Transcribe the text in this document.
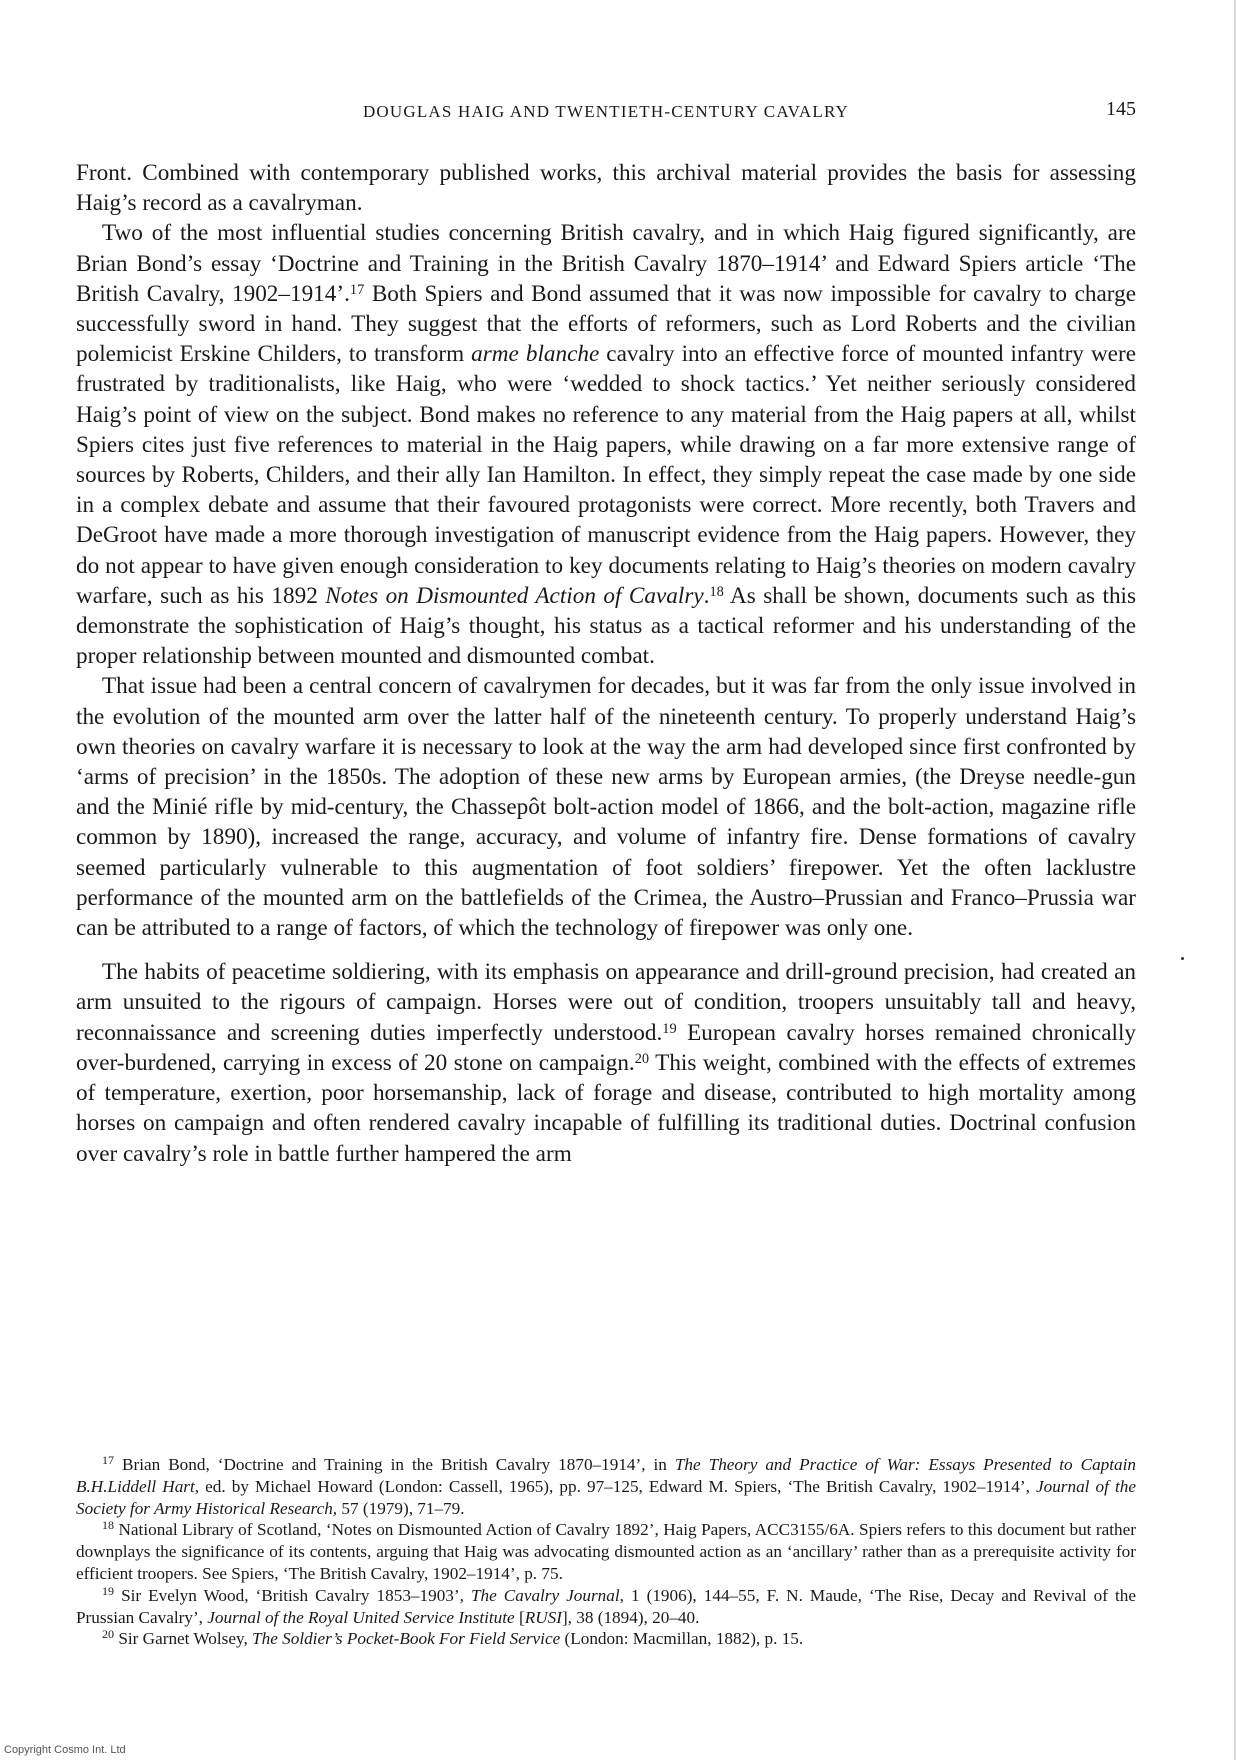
DOUGLAS HAIG AND TWENTIETH-CENTURY CAVALRY	145

Front. Combined with contemporary published works, this archival material provides the basis for assessing Haig’s record as a cavalryman.

Two of the most influential studies concerning British cavalry, and in which Haig figured significantly, are Brian Bond’s essay ‘Doctrine and Training in the British Cavalry 1870–1914’ and Edward Spiers article ‘The British Cavalry, 1902–1914’.$^{17}$ Both Spiers and Bond assumed that it was now impossible for cavalry to charge successfully sword in hand. They suggest that the efforts of reformers, such as Lord Roberts and the civilian polemicist Erskine Childers, to transform arme blanche cavalry into an effective force of mounted infantry were frustrated by traditionalists, like Haig, who were ‘wedded to shock tactics.’ Yet neither seriously considered Haig’s point of view on the subject. Bond makes no reference to any material from the Haig papers at all, whilst Spiers cites just five references to material in the Haig papers, while drawing on a far more extensive range of sources by Roberts, Childers, and their ally Ian Hamilton. In effect, they simply repeat the case made by one side in a complex debate and assume that their favoured protagonists were correct. More recently, both Travers and DeGroot have made a more thorough investigation of manuscript evidence from the Haig papers. However, they do not appear to have given enough consideration to key documents relating to Haig’s theories on modern cavalry warfare, such as his 1892 Notes on Dismounted Action of Cavalry.$^{18}$ As shall be shown, documents such as this demonstrate the sophistication of Haig’s thought, his status as a tactical reformer and his understanding of the proper relationship between mounted and dismounted combat.

That issue had been a central concern of cavalrymen for decades, but it was far from the only issue involved in the evolution of the mounted arm over the latter half of the nineteenth century. To properly understand Haig’s own theories on cavalry warfare it is necessary to look at the way the arm had developed since first confronted by ‘arms of precision’ in the 1850s. The adoption of these new arms by European armies, (the Dreyse needle-gun and the Minié rifle by mid-century, the Chassepôt bolt-action model of 1866, and the bolt-action, magazine rifle common by 1890), increased the range, accuracy, and volume of infantry fire. Dense formations of cavalry seemed particularly vulnerable to this augmentation of foot soldiers’ firepower. Yet the often lacklustre performance of the mounted arm on the battlefields of the Crimea, the Austro–Prussian and Franco–Prussia war can be attributed to a range of factors, of which the technology of firepower was only one.

The habits of peacetime soldiering, with its emphasis on appearance and drill-ground precision, had created an arm unsuited to the rigours of campaign. Horses were out of condition, troopers unsuitably tall and heavy, reconnaissance and screening duties imperfectly understood.$^{19}$ European cavalry horses remained chronically over-burdened, carrying in excess of 20 stone on campaign.$^{20}$ This weight, combined with the effects of extremes of temperature, exertion, poor horsemanship, lack of forage and disease, contributed to high mortality among horses on campaign and often rendered cavalry incapable of fulfilling its traditional duties. Doctrinal confusion over cavalry’s role in battle further hampered the arm

$^{17}$ Brian Bond, ‘Doctrine and Training in the British Cavalry 1870–1914’, in The Theory and Practice of War: Essays Presented to Captain B.H.Liddell Hart, ed. by Michael Howard (London: Cassell, 1965), pp. 97–125, Edward M. Spiers, ‘The British Cavalry, 1902–1914’, Journal of the Society for Army Historical Research, 57 (1979), 71–79.

$^{18}$ National Library of Scotland, ‘Notes on Dismounted Action of Cavalry 1892’, Haig Papers, ACC3155/6A. Spiers refers to this document but rather downplays the significance of its contents, arguing that Haig was advocating dismounted action as an ‘ancillary’ rather than as a prerequisite activity for efficient troopers. See Spiers, ‘The British Cavalry, 1902–1914’, p. 75.

$^{19}$ Sir Evelyn Wood, ‘British Cavalry 1853–1903’, The Cavalry Journal, 1 (1906), 144–55, F. N. Maude, ‘The Rise, Decay and Revival of the Prussian Cavalry’, Journal of the Royal United Service Institute [RUSI], 38 (1894), 20–40.

$^{20}$ Sir Garnet Wolsey, The Soldier’s Pocket-Book For Field Service (London: Macmillan, 1882), p. 15.

Copyright Cosmo Int. Ltd
